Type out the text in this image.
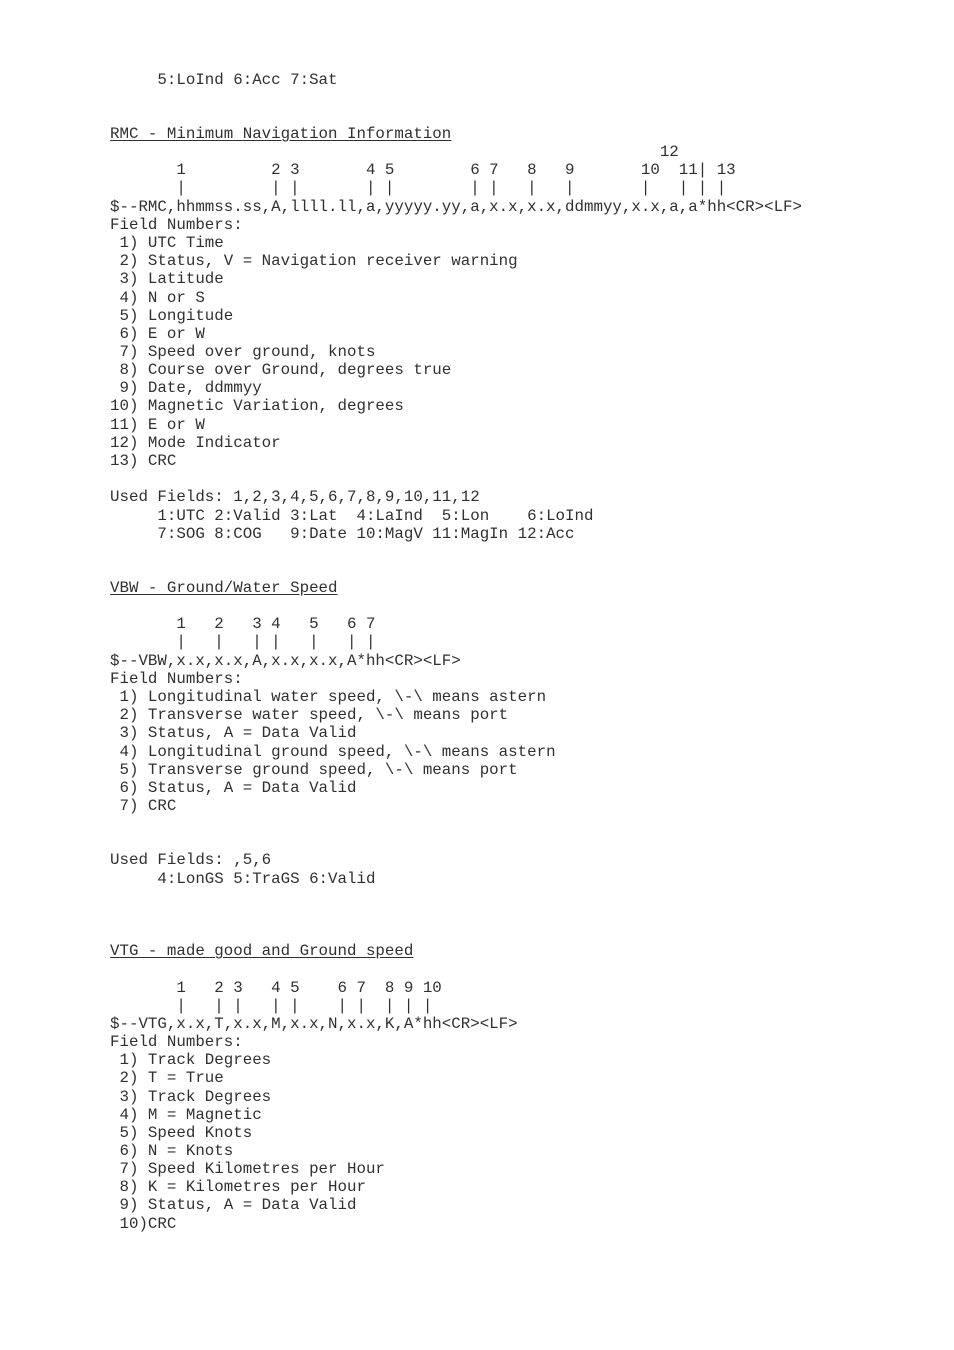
5:LoInd 6:Acc 7:Sat
RMC - Minimum Navigation Information
12
1         2 3       4 5        6 7   8   9       10  11| 13
|         | |       | |        | |   |   |       |   | | |
$--RMC,hhmmss.ss,A,llll.ll,a,yyyyy.yy,a,x.x,x.x,ddmmyy,x.x,a,a*hh<CR><LF>
Field Numbers:
1) UTC Time
2) Status, V = Navigation receiver warning
3) Latitude
4) N or S
5) Longitude
6) E or W
7) Speed over ground, knots
8) Course over Ground, degrees true
9) Date, ddmmyy
10) Magnetic Variation, degrees
11) E or W
12) Mode Indicator
13) CRC
Used Fields: 1,2,3,4,5,6,7,8,9,10,11,12
1:UTC 2:Valid 3:Lat  4:LaInd  5:Lon    6:LoInd
7:SOG 8:COG   9:Date 10:MagV 11:MagIn 12:Acc
VBW - Ground/Water Speed
1   2   3 4   5   6 7
|   |   | |   |   | |
$--VBW,x.x,x.x,A,x.x,x.x,A*hh<CR><LF>
Field Numbers:
1) Longitudinal water speed, \-\ means astern
2) Transverse water speed, \-\ means port
3) Status, A = Data Valid
4) Longitudinal ground speed, \-\ means astern
5) Transverse ground speed, \-\ means port
6) Status, A = Data Valid
7) CRC
Used Fields: ,5,6
4:LonGS 5:TraGS 6:Valid
VTG - made good and Ground speed
1   2 3   4 5    6 7  8 9 10
|   | |   | |    | |  | | |
$--VTG,x.x,T,x.x,M,x.x,N,x.x,K,A*hh<CR><LF>
Field Numbers:
1) Track Degrees
2) T = True
3) Track Degrees
4) M = Magnetic
5) Speed Knots
6) N = Knots
7) Speed Kilometres per Hour
8) K = Kilometres per Hour
9) Status, A = Data Valid
10)CRC
